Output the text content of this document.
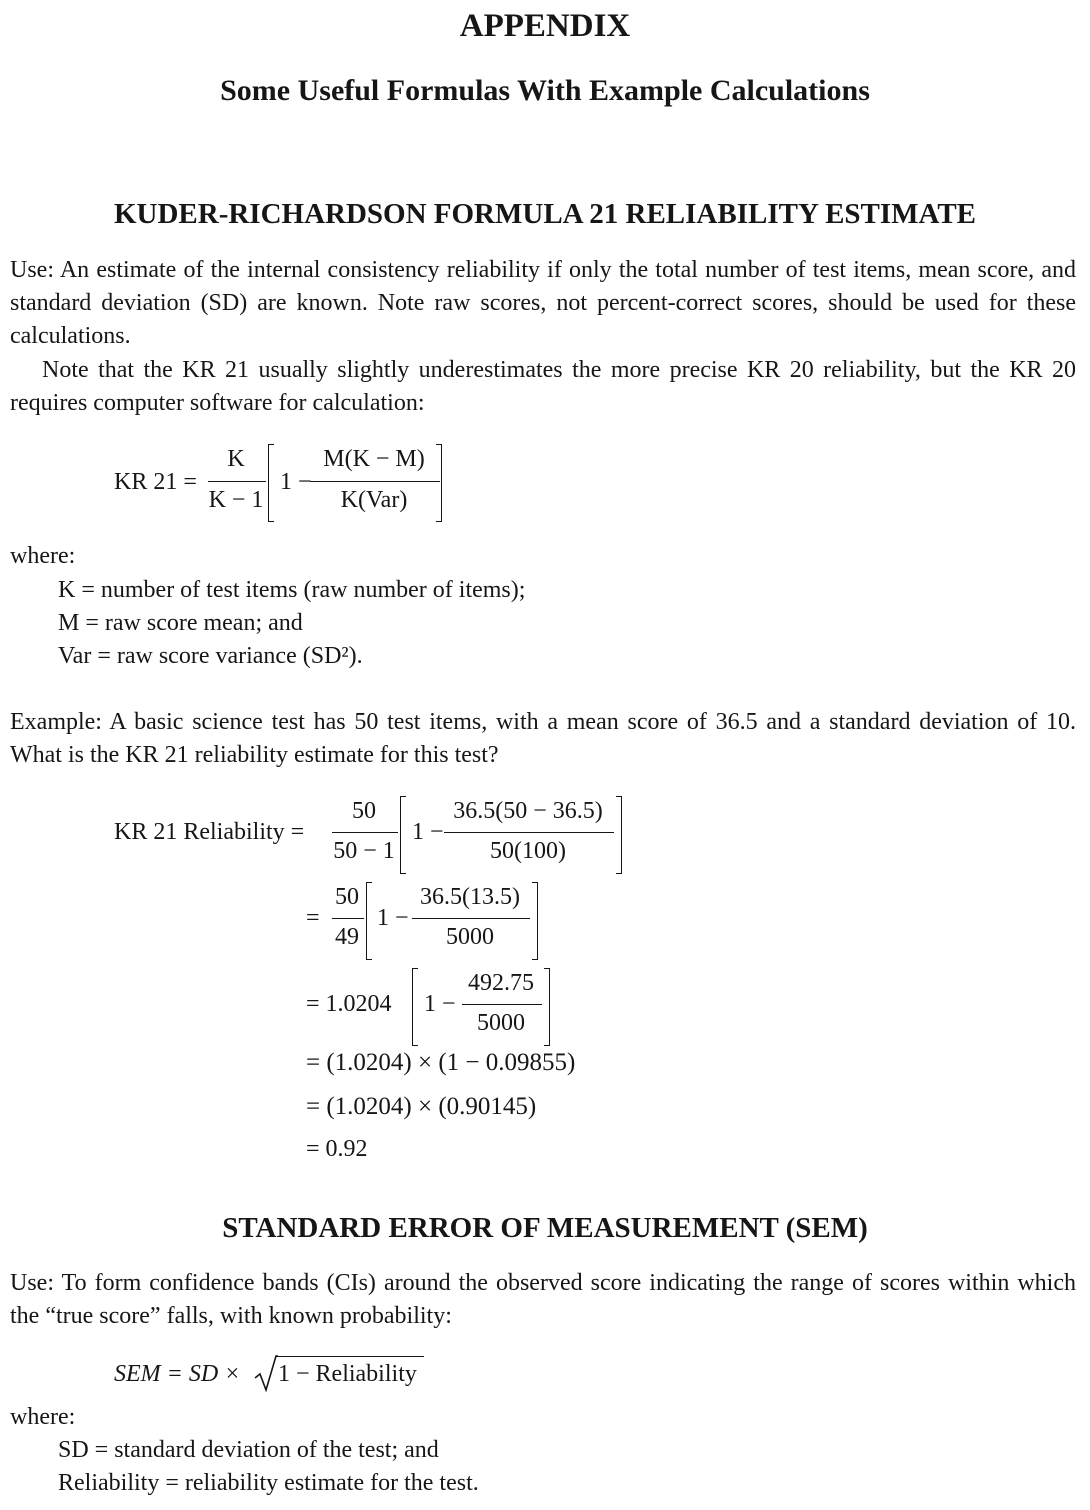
APPENDIX
Some Useful Formulas With Example Calculations
KUDER-RICHARDSON FORMULA 21 RELIABILITY ESTIMATE
Use: An estimate of the internal consistency reliability if only the total number of test items, mean score, and standard deviation (SD) are known. Note raw scores, not percent-correct scores, should be used for these calculations.
Note that the KR 21 usually slightly underestimates the more precise KR 20 reliability, but the KR 20 requires computer software for calculation:
KR 21 =
K
K − 1
1 −
M(K − M)
K(Var)
where:
K = number of test items (raw number of items);
M = raw score mean; and
Var = raw score variance (SD²).
Example: A basic science test has 50 test items, with a mean score of 36.5 and a standard deviation of 10. What is the KR 21 reliability estimate for this test?
KR 21 Reliability =
50
50 − 1
1 −
36.5(50 − 36.5)
50(100)
=
50
49
1 −
36.5(13.5)
5000
= 1.0204 1 −
492.75
5000
= (1.0204) × (1 − 0.09855)
= (1.0204) × (0.90145)
= 0.92
STANDARD ERROR OF MEASUREMENT (SEM)
Use: To form confidence bands (CIs) around the observed score indicating the range of scores within which the “true score” falls, with known probability:
SEM = SD × 1 − Reliability
where:
SD = standard deviation of the test; and
Reliability = reliability estimate for the test.
